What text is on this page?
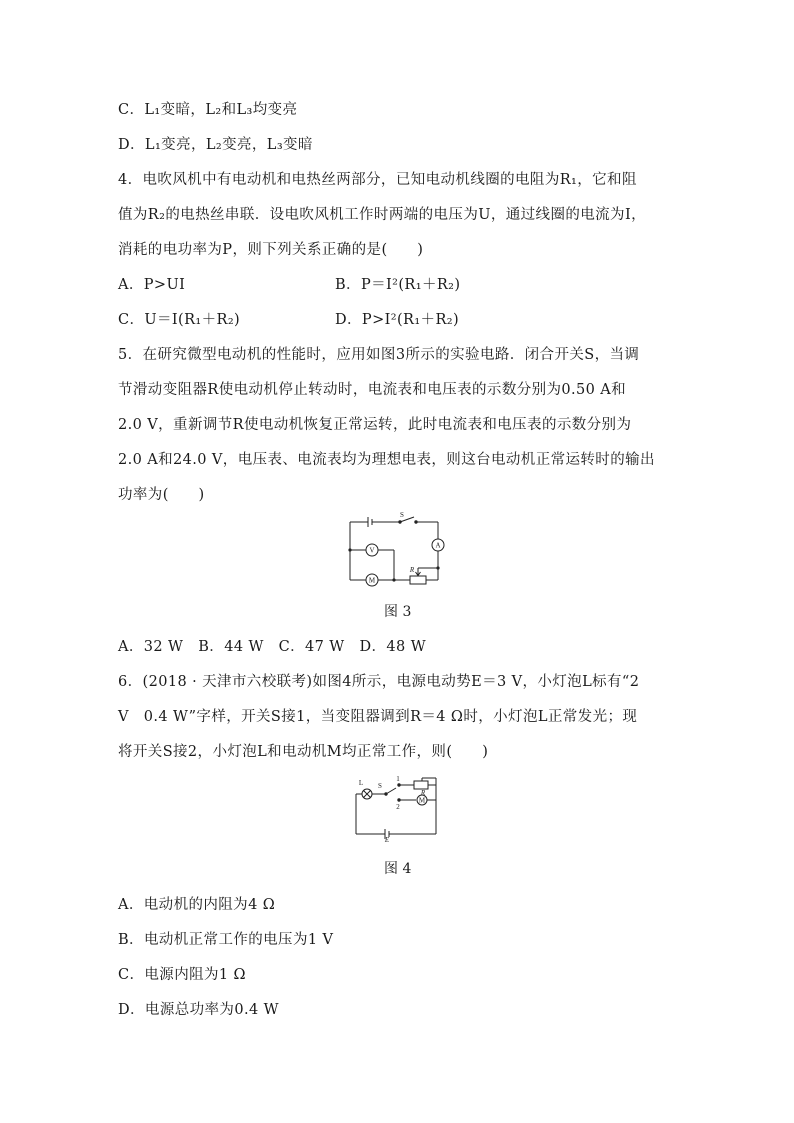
C．L₁变暗，L₂和L₃均变亮
D．L₁变亮，L₂变亮，L₃变暗
4．电吹风机中有电动机和电热丝两部分，已知电动机线圈的电阻为R₁，它和阻
值为R₂的电热丝串联．设电吹风机工作时两端的电压为U，通过线圈的电流为I，
消耗的电功率为P，则下列关系正确的是(　　)
A．P>UI	B．P＝I²(R₁＋R₂)
C．U＝I(R₁＋R₂)	D．P>I²(R₁＋R₂)
5．在研究微型电动机的性能时，应用如图3所示的实验电路．闭合开关S，当调
节滑动变阻器R使电动机停止转动时，电流表和电压表的示数分别为0.50 A和
2.0 V，重新调节R使电动机恢复正常运转，此时电流表和电压表的示数分别为
2.0 A和24.0 V，电压表、电流表均为理想电表，则这台电动机正常运转时的输出
功率为(　　)
S
A
V
M
R
图 3
A．32 W　B．44 W　C．47 W　D．48 W
6．(2018 · 天津市六校联考)如图4所示，电源电动势E＝3 V，小灯泡L标有“2
V　0.4 W”字样，开关S接1，当变阻器调到R＝4 Ω时，小灯泡L正常发光；现
将开关S接2，小灯泡L和电动机M均正常工作，则(　　)
L S
1
2
R
M
E
图 4
A．电动机的内阻为4 Ω
B．电动机正常工作的电压为1 V
C．电源内阻为1 Ω
D．电源总功率为0.4 W
